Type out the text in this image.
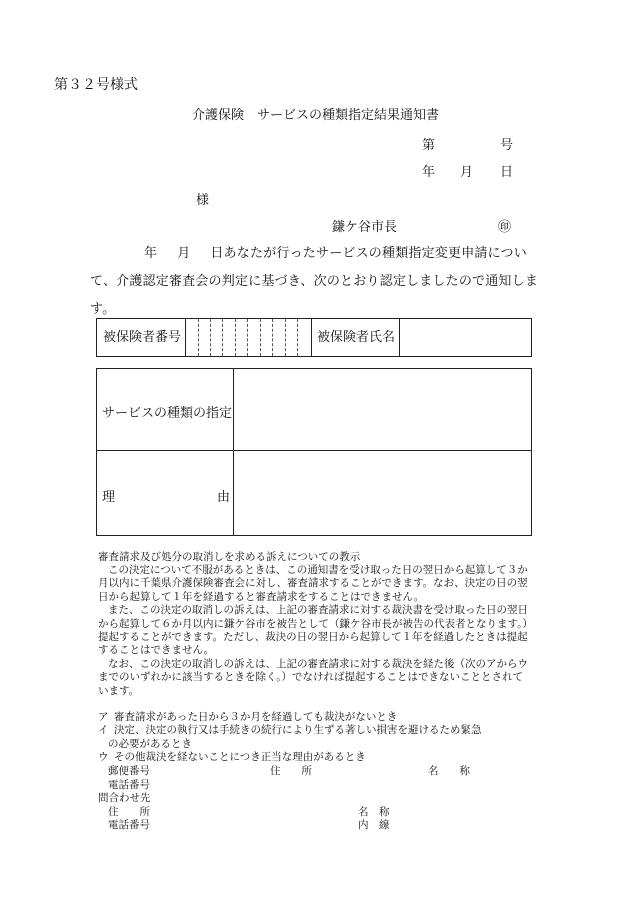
第３２号様式
介護保険　サービスの種類指定結果通知書
第	号
年 月 日
様
鎌ケ谷市長	㊞
年 月 日あなたが行ったサービスの種類指定変更申請について、介護認定審査会の判定に基づき、次のとおり認定しましたので通知します。
被保険者番号	被保険者氏名
サービスの種類の指定
理	由
審査請求及び処分の取消しを求める訴えについての教示

この決定について不服があるときは、この通知書を受け取った日の翌日から起算して３か月以内に千葉県介護保険審査会に対し、審査請求することができます。なお、決定の日の翌日から起算して１年を経過すると審査請求をすることはできません。

また、この決定の取消しの訴えは、上記の審査請求に対する裁決書を受け取った日の翌日から起算して６か月以内に鎌ケ谷市を被告として（鎌ケ谷市長が被告の代表者となります。）提起することができます。ただし、裁決の日の翌日から起算して１年を経過したときは提起することはできません。

なお、この決定の取消しの訴えは、上記の審査請求に対する裁決を経た後（次のアからウまでのいずれかに該当するときを除く。）でなければ提起することはできないこととされています。

ア 審査請求があった日から３か月を経過しても裁決がないとき
イ 決定、決定の執行又は手続きの続行により生ずる著しい損害を避けるため緊急
の必要があるとき
ウ その他裁決を経ないことにつき正当な理由があるとき
郵便番号	住　　所	名　　称
電話番号
問合わせ先
住　　所	名　称
電話番号	内　線
